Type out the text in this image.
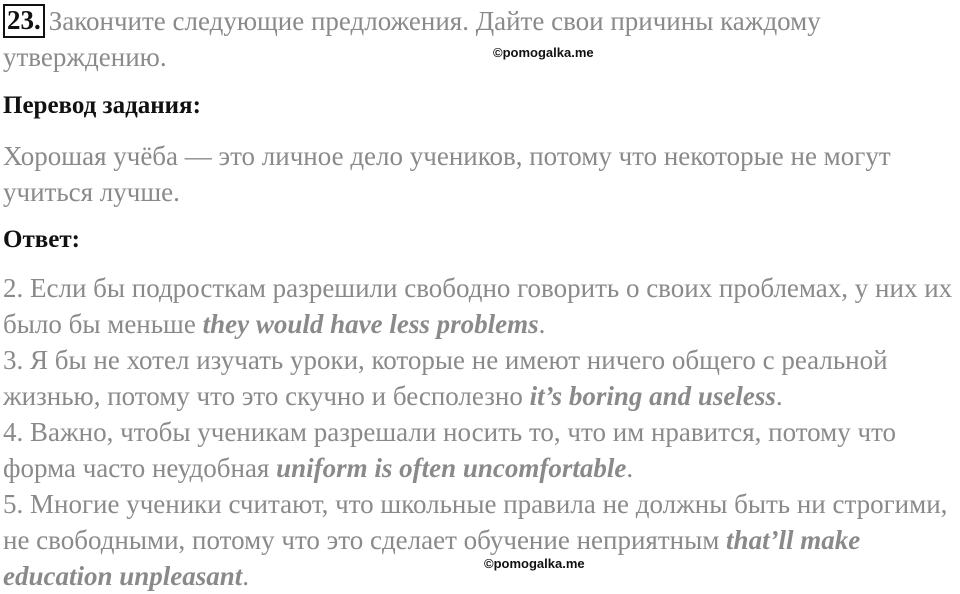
23. Закончите следующие предложения. Дайте свои причины каждому утверждению.
Перевод задания:
Хорошая учёба — это личное дело учеников, потому что некоторые не могут учиться лучше.
Ответ:
2. Если бы подросткам разрешили свободно говорить о своих проблемах, у них их было бы меньше they would have less problems.
3. Я бы не хотел изучать уроки, которые не имеют ничего общего с реальной жизнью, потому что это скучно и бесполезно it’s boring and useless.
4. Важно, чтобы ученикам разрешали носить то, что им нравится, потому что форма часто неудобная uniform is often uncomfortable.
5. Многие ученики считают, что школьные правила не должны быть ни строгими, не свободными, потому что это сделает обучение неприятным that’ll make education unpleasant.
©pomogalka.me
©pomogalka.me
